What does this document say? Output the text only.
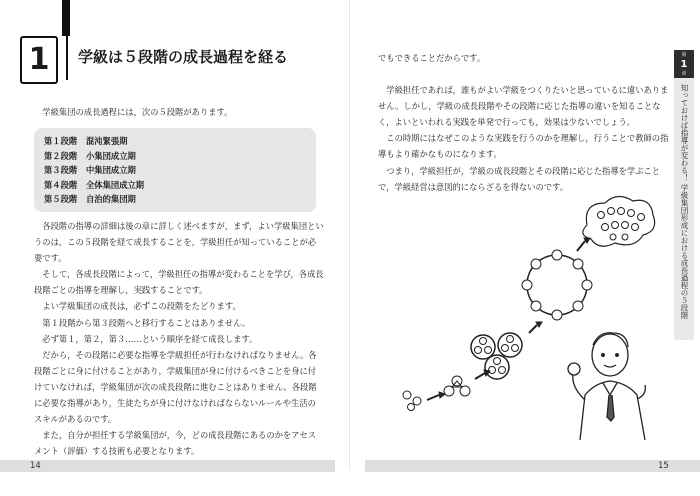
1 学級は５段階の成長過程を経る

学級集団の成長過程には，次の５段階があります。

第１段階 混沌緊張期
第２段階 小集団成立期
第３段階 中集団成立期
第４段階 全体集団成立期
第５段階 自治的集団期

各段階の指導の詳細は後の章に詳しく述べますが，まず，よい学級集団というのは，この５段階を経て成長することを，学級担任が知っていることが必要です。

そして，各成長段階によって，学級担任の指導が変わることを学び，各成長段階ごとの指導を理解し，実践することです。

よい学級集団の成長は，必ずこの段階をたどります。

第１段階から第３段階へと移行することはありません。

必ず第１，第２，第３……という順序を経て成長します。

だから，その段階に必要な指導を学級担任が行わなければなりません。各段階ごとに身に付けることがあり，学級集団が身に付けるべきことを身に付けていなければ，学級集団が次の成長段階に進むことはありません。各段階に必要な指導があり，生徒たちが身に付けなければならないルールや生活のスキルがあるのです。

また，自分が担任する学級集団が，今，どの成長段階にあるのかをアセスメント（評価）する技術も必要となります。

14

でもできることだからです。

学級担任であれば，誰もがよい学級をつくりたいと思っているに違いありません。しかし，学級の成長段階やその段階に応じた指導の違いを知ることなく，よいといわれる実践を単発で行っても，効果は少ないでしょう。

この時期にはなぜこのような実践を行うのかを理解し，行うことで教師の指導もより確かなものになります。

つまり，学級担任が，学級の成長段階とその段階に応じた指導を学ぶことで，学級経営は意図的にならざるを得ないのです。

15
第
1
章
知っておけば指導が変わる！ 学級集団形成における成長過程の５段階
